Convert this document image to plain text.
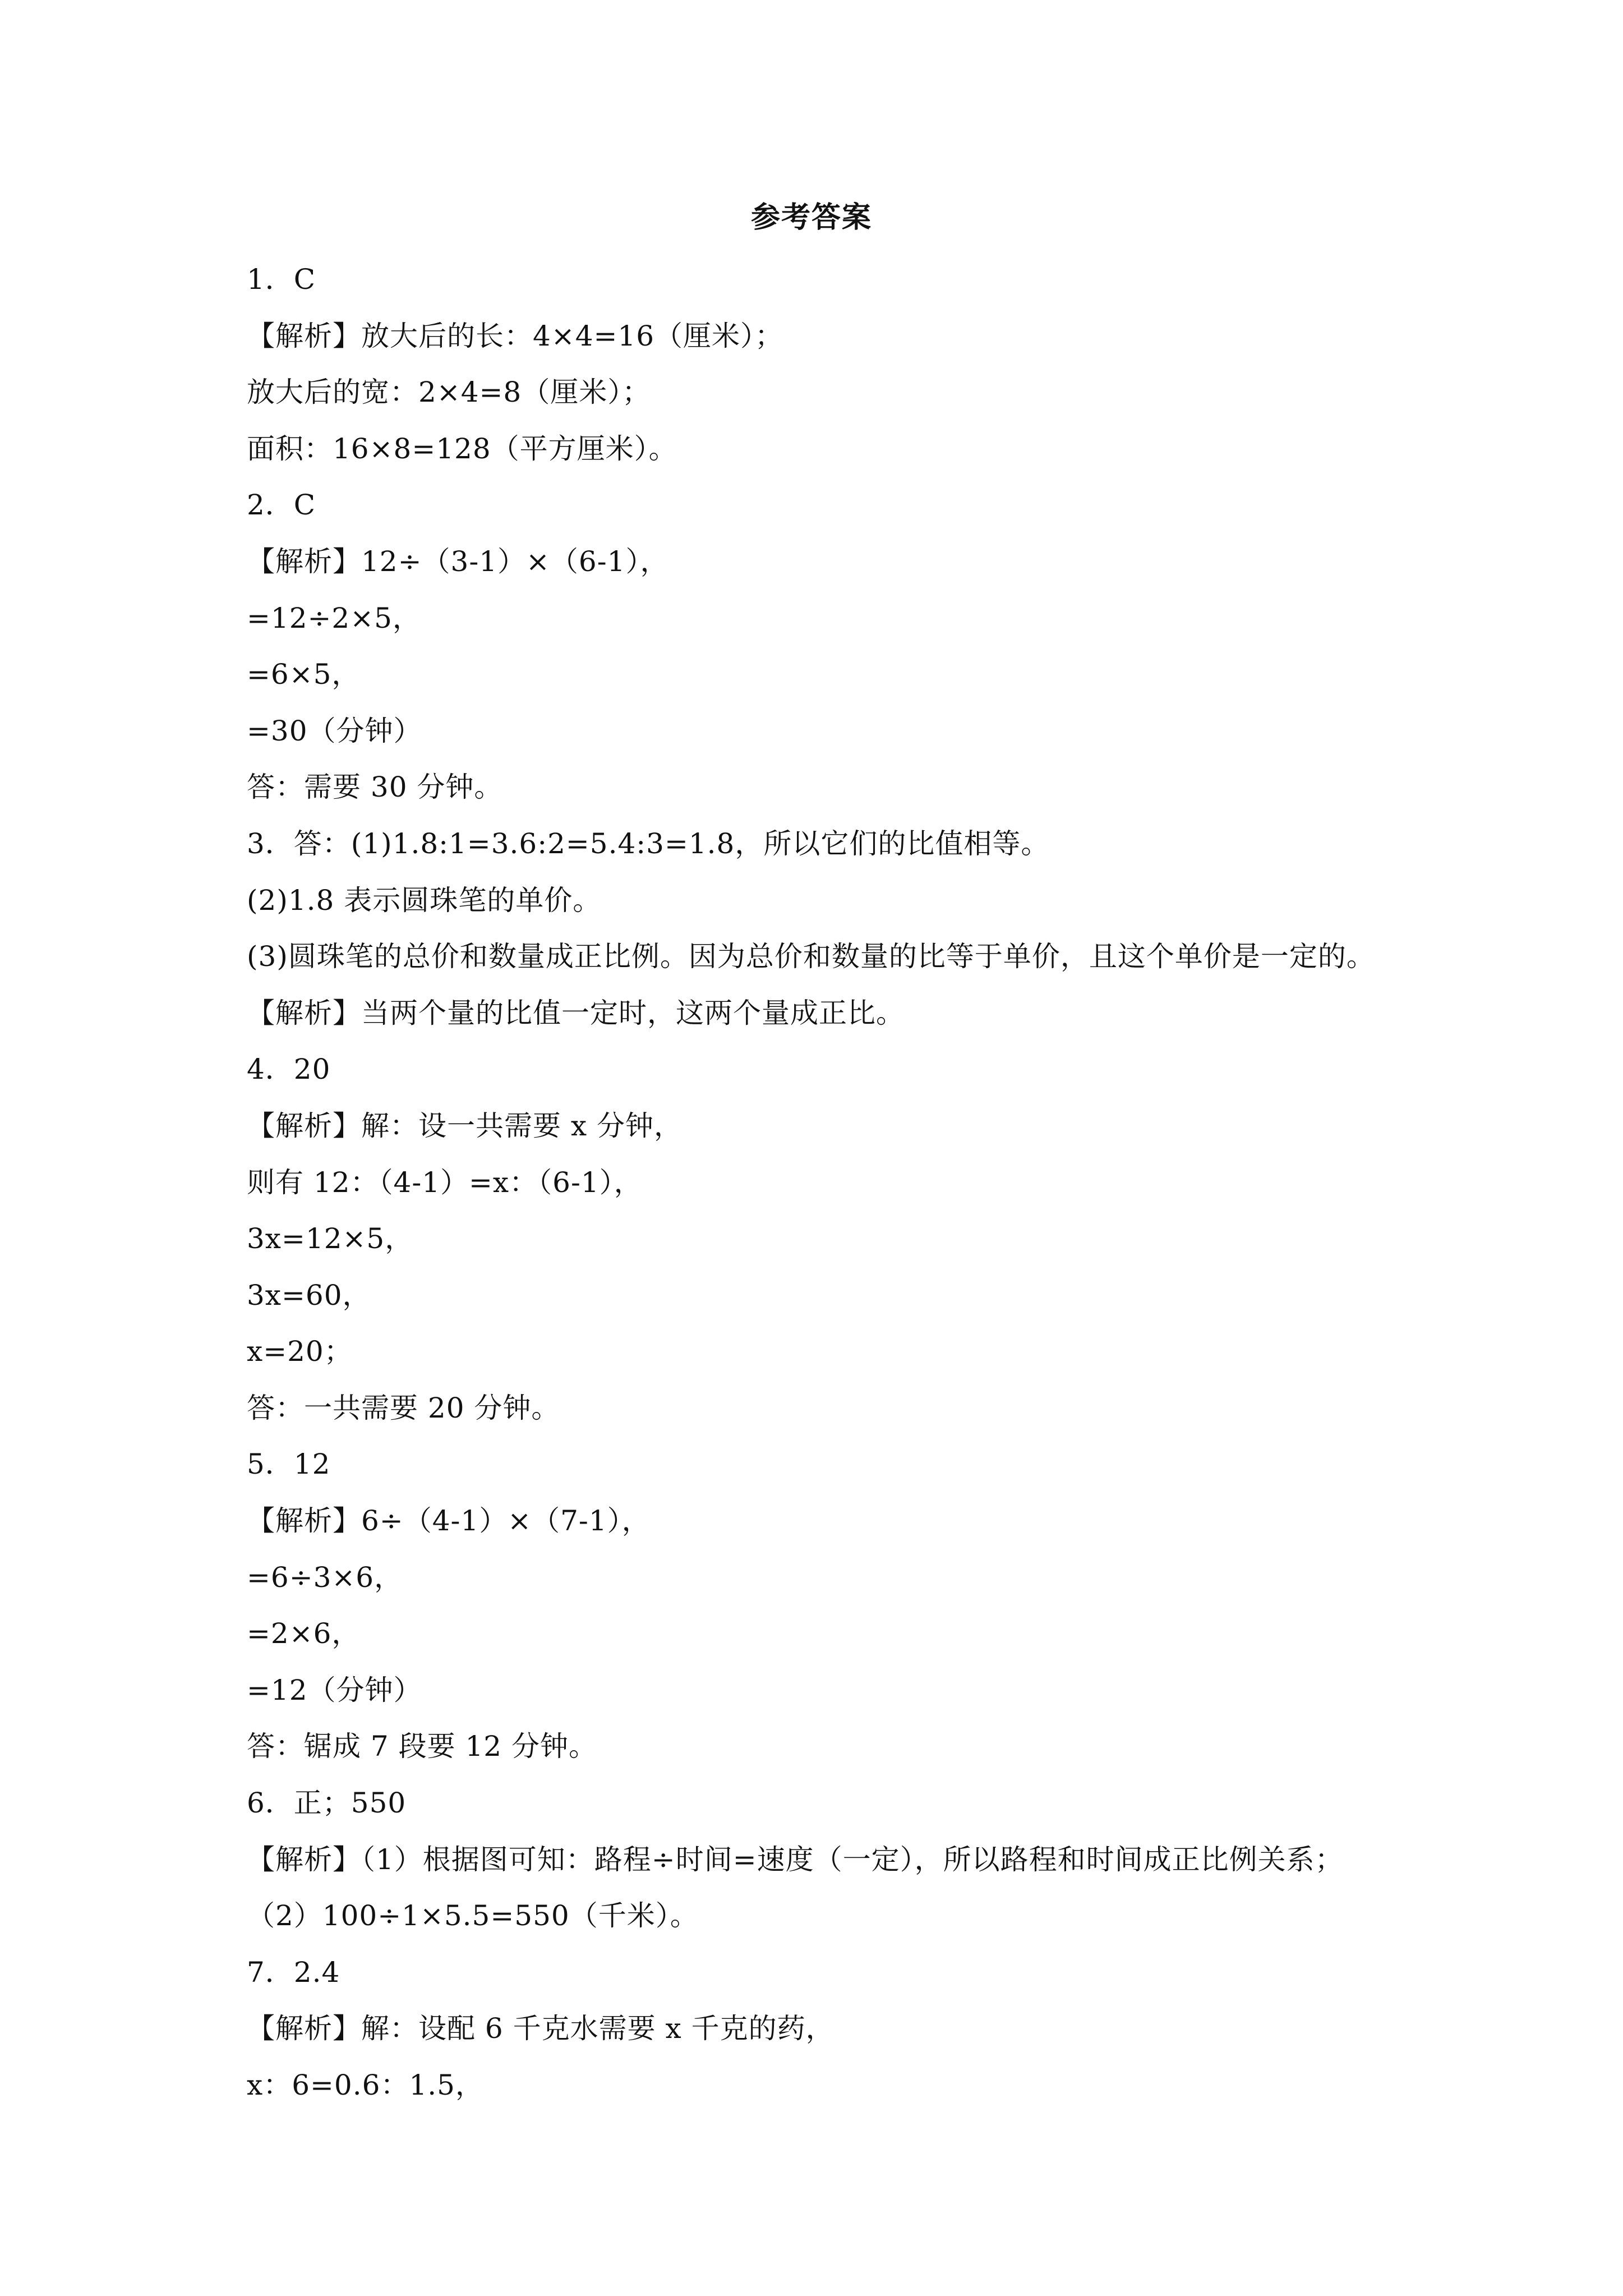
参考答案
1．C
【解析】放大后的长：4×4=16（厘米）；
放大后的宽：2×4=8（厘米）；
面积：16×8=128（平方厘米）。
2．C
【解析】12÷（3-1）×（6-1），
=12÷2×5，
=6×5，
=30（分钟）
答：需要 30 分钟。
3．答：(1)1.8:1=3.6:2=5.4:3=1.8，所以它们的比值相等。
(2)1.8 表示圆珠笔的单价。
(3)圆珠笔的总价和数量成正比例。因为总价和数量的比等于单价，且这个单价是一定的。
【解析】当两个量的比值一定时，这两个量成正比。
4．20
【解析】解：设一共需要 x 分钟，
则有 12：（4-1）=x：（6-1），
3x=12×5，
3x=60，
x=20；
答：一共需要 20 分钟。
5．12
【解析】6÷（4-1）×（7-1），
=6÷3×6，
=2×6，
=12（分钟）
答：锯成 7 段要 12 分钟。
6．正；550
【解析】（1）根据图可知：路程÷时间=速度（一定），所以路程和时间成正比例关系；
（2）100÷1×5.5=550（千米）。
7．2.4
【解析】解：设配 6 千克水需要 x 千克的药，
x：6=0.6：1.5，
